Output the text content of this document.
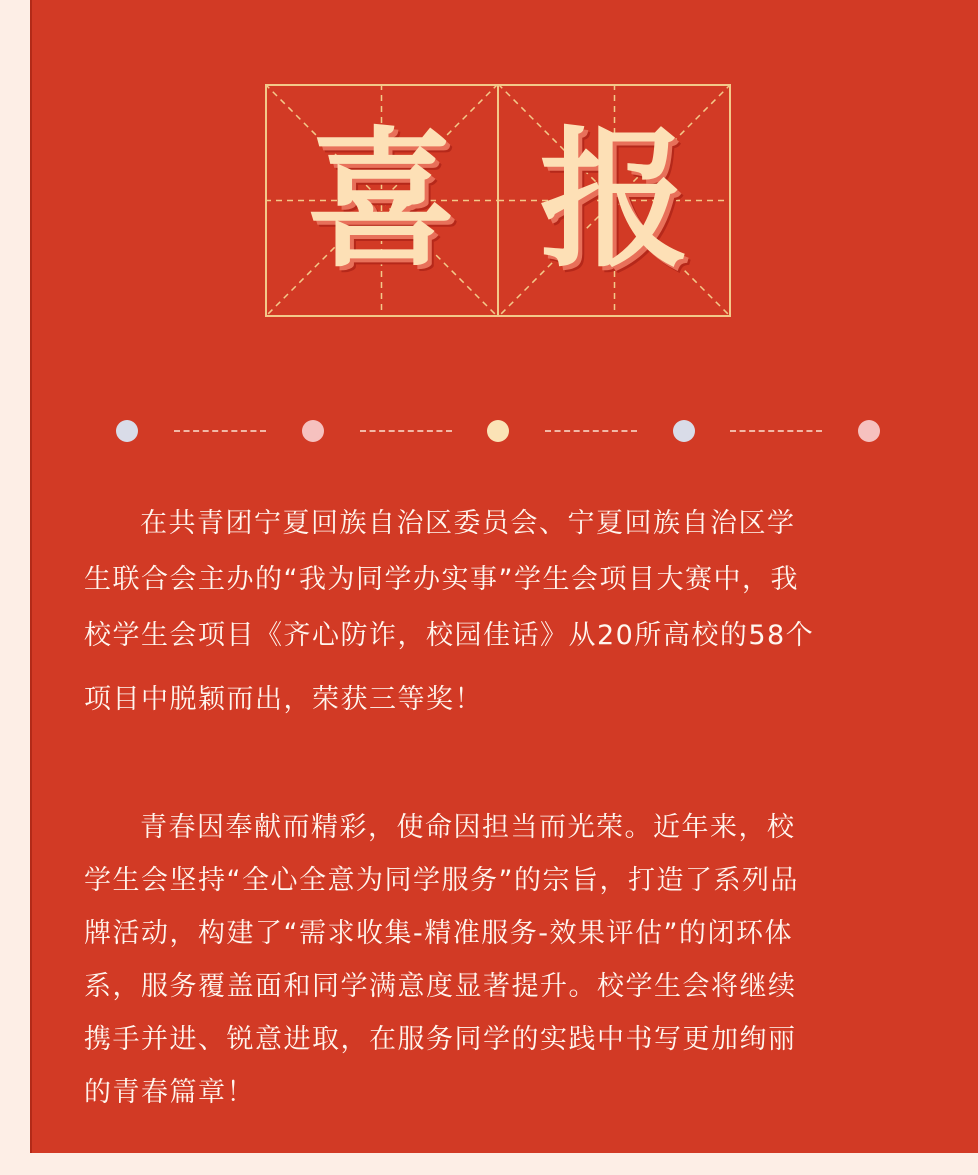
喜 报
在共青团宁夏回族自治区委员会、宁夏回族自治区学
生联合会主办的“我为同学办实事”学生会项目大赛中，我
校学生会项目《齐心防诈，校园佳话》从20所高校的58个
项目中脱颖而出，荣获三等奖！
青春因奉献而精彩，使命因担当而光荣。近年来，校
学生会坚持“全心全意为同学服务”的宗旨，打造了系列品
牌活动，构建了“需求收集-精准服务-效果评估”的闭环体
系，服务覆盖面和同学满意度显著提升。校学生会将继续
携手并进、锐意进取，在服务同学的实践中书写更加绚丽
的青春篇章！
